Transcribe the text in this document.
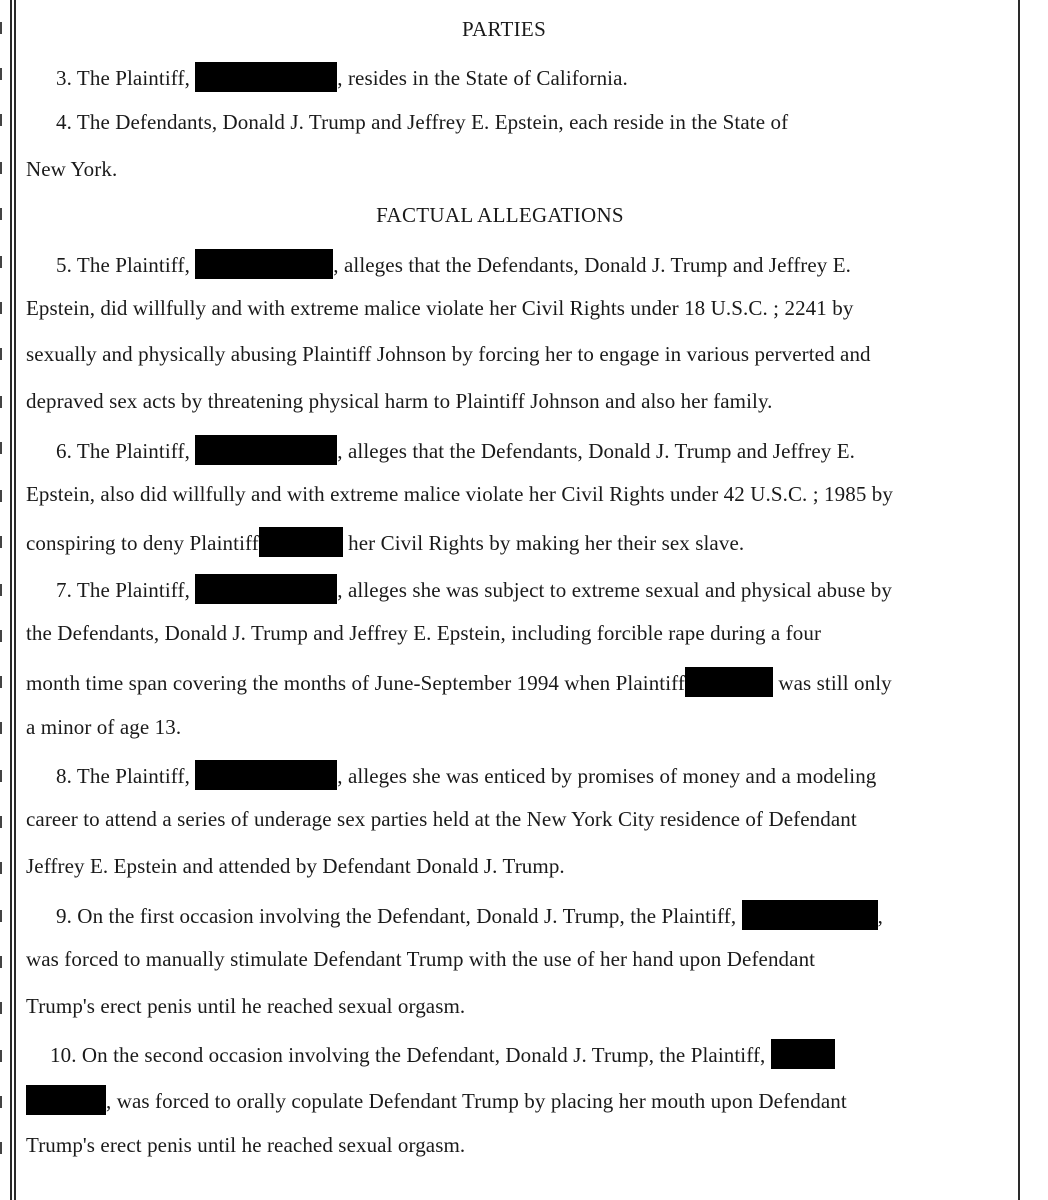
PARTIES
3. The Plaintiff,	, resides in the State of California.
4. The Defendants, Donald J. Trump and Jeffrey E. Epstein, each reside in the State of
New York.
FACTUAL ALLEGATIONS
5. The Plaintiff,	, alleges that the Defendants, Donald J. Trump and Jeffrey E.
Epstein, did willfully and with extreme malice violate her Civil Rights under 18 U.S.C. ; 2241 by
sexually and physically abusing Plaintiff Johnson by forcing her to engage in various perverted and
depraved sex acts by threatening physical harm to Plaintiff Johnson and also her family.
6. The Plaintiff,	, alleges that the Defendants, Donald J. Trump and Jeffrey E.
Epstein, also did willfully and with extreme malice violate her Civil Rights under 42 U.S.C. ; 1985 by
conspiring to deny Plaintiff	her Civil Rights by making her their sex slave.
7. The Plaintiff,	, alleges she was subject to extreme sexual and physical abuse by
the Defendants, Donald J. Trump and Jeffrey E. Epstein, including forcible rape during a four
month time span covering the months of June-September 1994 when Plaintiff	was still only
a minor of age 13.
8. The Plaintiff,	, alleges she was enticed by promises of money and a modeling
career to attend a series of underage sex parties held at the New York City residence of Defendant
Jeffrey E. Epstein and attended by Defendant Donald J. Trump.
9. On the first occasion involving the Defendant, Donald J. Trump, the Plaintiff,	,
was forced to manually stimulate Defendant Trump with the use of her hand upon Defendant
Trump's erect penis until he reached sexual orgasm.
10. On the second occasion involving the Defendant, Donald J. Trump, the Plaintiff,
, was forced to orally copulate Defendant Trump by placing her mouth upon Defendant
Trump's erect penis until he reached sexual orgasm.
